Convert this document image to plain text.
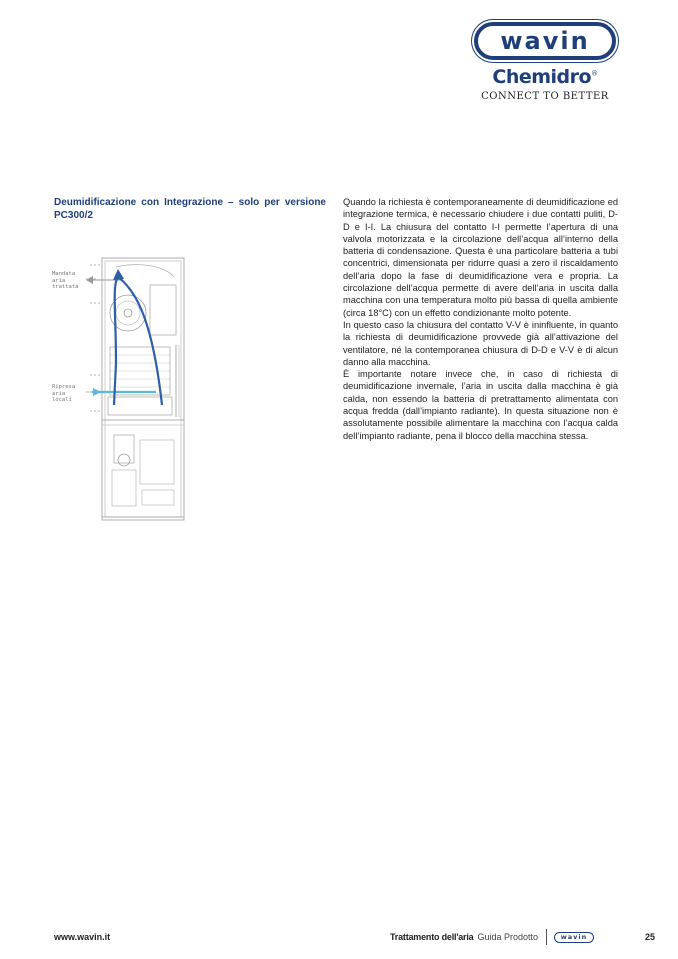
wavin
Chemidro®
CONNECT TO BETTER
Deumidificazione con Integrazione – solo per versione PC300/2
Mandata
aria
trattata
Ripresa
aria
locali

Quando la richiesta è contemporaneamente di deumidificazione ed integrazione termica, è necessario chiudere i due contatti puliti, D-D e I-I. La chiusura del contatto I-I permette l’apertura di una valvola motorizzata e la circolazione dell’acqua all’interno della batteria di condensazione. Questa è una particolare batteria a tubi concentrici, dimensionata per ridurre quasi a zero il riscaldamento dell’aria dopo la fase di deumidificazione vera e propria. La circolazione dell’acqua permette di avere dell’aria in uscita dalla macchina con una temperatura molto più bassa di quella ambiente (circa 18°C) con un effetto condizionante molto potente.

In questo caso la chiusura del contatto V-V è ininfluente, in quanto la richiesta di deumidificazione provvede già all’attivazione del ventilatore, né la contemporanea chiusura di D-D e V-V è di alcun danno alla macchina.

È importante notare invece che, in caso di richiesta di deumidificazione invernale, l’aria in uscita dalla macchina è già calda, non essendo la batteria di pretrattamento alimentata con acqua fredda (dall’impianto radiante). In questa situazione non è assolutamente possibile alimentare la macchina con l’acqua calda dell’impianto radiante, pena il blocco della macchina stessa.

www.wavin.it	Trattamento dell'aria Guida Prodotto	wavin	25
